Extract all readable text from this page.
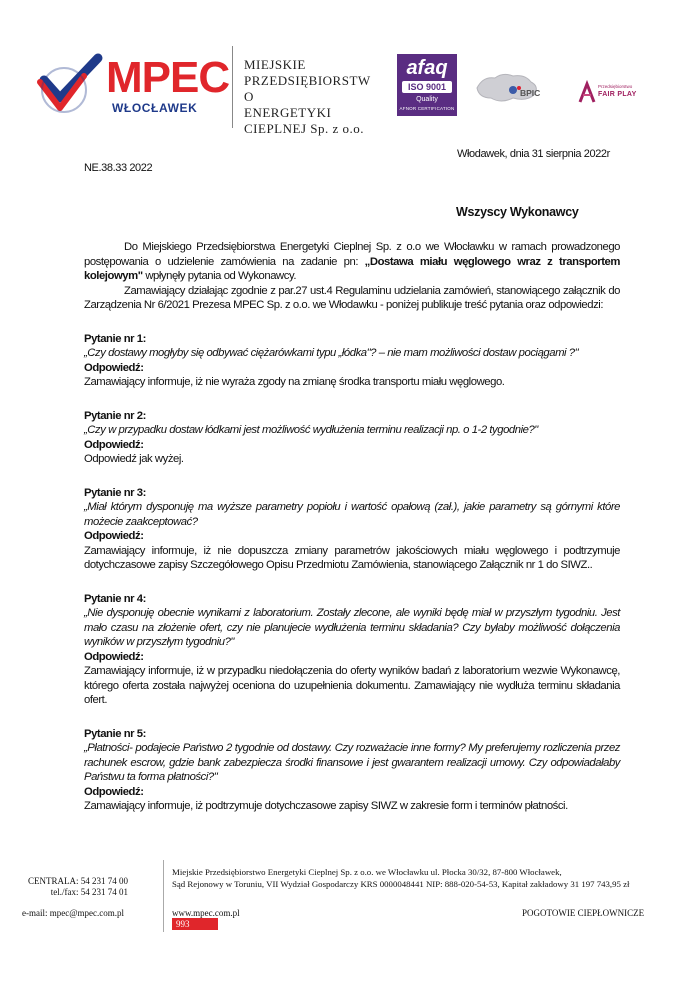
MPEC
WŁOCŁAWEK
MIEJSKIE
PRZEDSIĘBIORSTW
O
ENERGETYKI
CIEPLNEJ Sp. z o.o.
afaq
ISO 9001
Quality
AFNOR CERTIFICATION
BPIC
Przedsiębiorstwo
FAIR PLAY
Włodawek, dnia 31 sierpnia 2022r
NE.38.33 2022
Wszyscy Wykonawcy

Do Miejskiego Przedsiębiorstwa Energetyki Cieplnej Sp. z o.o we Włocławku w ramach prowadzonego postępowania o udzielenie zamówienia na zadanie pn: „Dostawa miału węglowego wraz z transportem kolejowym" wpłynęły pytania od Wykonawcy.

Zamawiający działając zgodnie z par.27 ust.4 Regulaminu udzielania zamówień, stanowiącego załącznik do Zarządzenia Nr 6/2021 Prezesa MPEC Sp. z o.o. we Włodawku - poniżej publikuje treść pytania oraz odpowiedzi:

Pytanie nr 1:

„Czy dostawy mogłyby się odbywać ciężarówkami typu „łódka"? – nie mam możliwości dostaw pociągami ?"

Odpowiedź:

Zamawiający informuje, iż nie wyraża zgody na zmianę środka transportu miału węglowego.

Pytanie nr 2:

„Czy w przypadku dostaw łódkami jest możliwość wydłużenia terminu realizacji np. o 1-2 tygodnie?"

Odpowiedź:

Odpowiedź jak wyżej.

Pytanie nr 3:

„Miał którym dysponuję ma wyższe parametry popiołu i wartość opałową (zał.), jakie parametry są górnymi które możecie zaakceptować?

Odpowiedź:

Zamawiający informuje, iż nie dopuszcza zmiany parametrów jakościowych miału węglowego i podtrzymuje dotychczasowe zapisy Szczegółowego Opisu Przedmiotu Zamówienia, stanowiącego Załącznik nr 1 do SIWZ..

Pytanie nr 4:

„Nie dysponuję obecnie wynikami z laboratorium. Zostały zlecone, ale wyniki będę miał w przyszłym tygodniu. Jest mało czasu na złożenie ofert, czy nie planujecie wydłużenia terminu składania? Czy byłaby możliwość dołączenia wyników w przyszłym tygodniu?"

Odpowiedź:

Zamawiający informuje, iż w przypadku niedołączenia do oferty wyników badań z laboratorium wezwie Wykonawcę, którego oferta została najwyżej oceniona do uzupełnienia dokumentu. Zamawiający nie wydłuża terminu składania ofert.

Pytanie nr 5:

„Płatności- podajecie Państwo 2 tygodnie od dostawy. Czy rozważacie inne formy? My preferujemy rozliczenia przez rachunek escrow, gdzie bank zabezpiecza środki finansowe i jest gwarantem realizacji umowy. Czy odpowiadałaby Państwu ta forma płatności?"

Odpowiedź:

Zamawiający informuje, iż podtrzymuje dotychczasowe zapisy SIWZ w zakresie form i terminów płatności.

CENTRALA: 54 231 74 00
tel./fax: 54 231 74 01
e-mail: mpec@mpec.com.pl
Miejskie Przedsiębiorstwo Energetyki Cieplnej Sp. z o.o. we Włocławku ul. Płocka 30/32, 87-800 Włocławek,
Sąd Rejonowy w Toruniu, VII Wydział Gospodarczy KRS 0000048441 NIP: 888-020-54-53, Kapitał zakładowy 31 197 743,95 zł
www.mpec.com.pl	POGOTOWIE CIEPŁOWNICZE
993
